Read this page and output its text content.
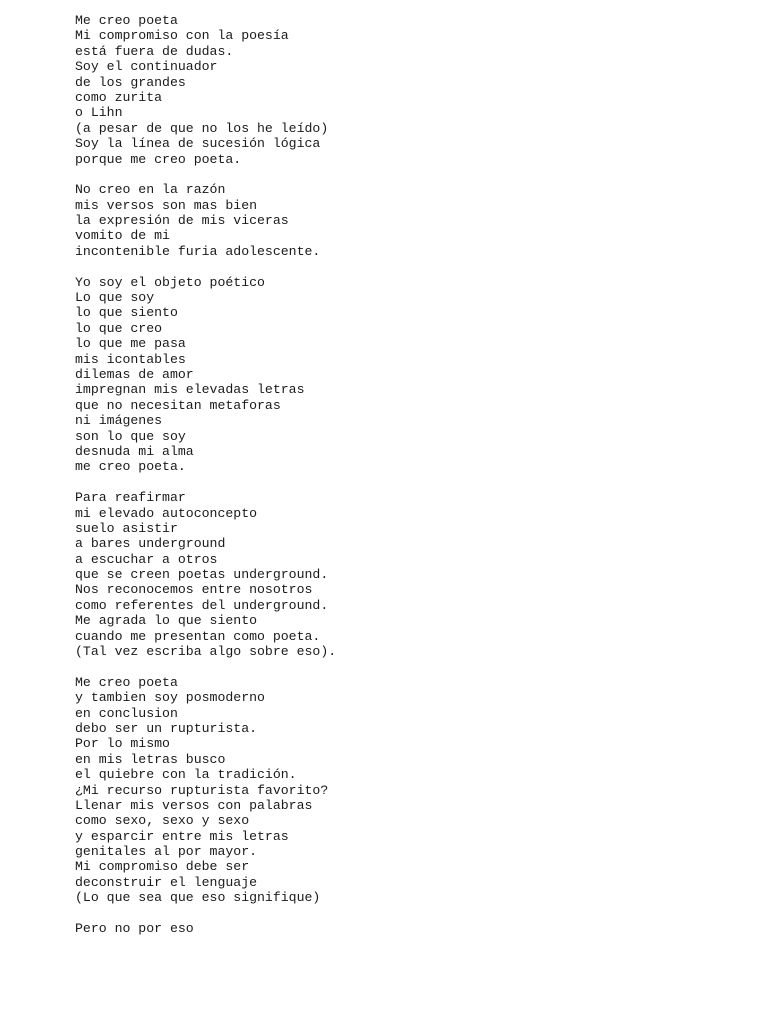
Me creo poeta
Mi compromiso con la poesía
está fuera de dudas.
Soy el continuador
de los grandes
como zurita
o Lihn
(a pesar de que no los he leído)
Soy la línea de sucesión lógica
porque me creo poeta.
No creo en la razón
mis versos son mas bien
la expresión de mis viceras
vomito de mi
incontenible furia adolescente.
Yo soy el objeto poético
Lo que soy
lo que siento
lo que creo
lo que me pasa
mis icontables
dilemas de amor
impregnan mis elevadas letras
que no necesitan metaforas
ni imágenes
son lo que soy
desnuda mi alma
me creo poeta.
Para reafirmar
mi elevado autoconcepto
suelo asistir
a bares underground
a escuchar a otros
que se creen poetas underground.
Nos reconocemos entre nosotros
como referentes del underground.
Me agrada lo que siento
cuando me presentan como poeta.
(Tal vez escriba algo sobre eso).
Me creo poeta
y tambien soy posmoderno
en conclusion
debo ser un rupturista.
Por lo mismo
en mis letras busco
el quiebre con la tradición.
¿Mi recurso rupturista favorito?
Llenar mis versos con palabras
como sexo, sexo y sexo
y esparcir entre mis letras
genitales al por mayor.
Mi compromiso debe ser
deconstruir el lenguaje
(Lo que sea que eso signifique)
Pero no por eso
